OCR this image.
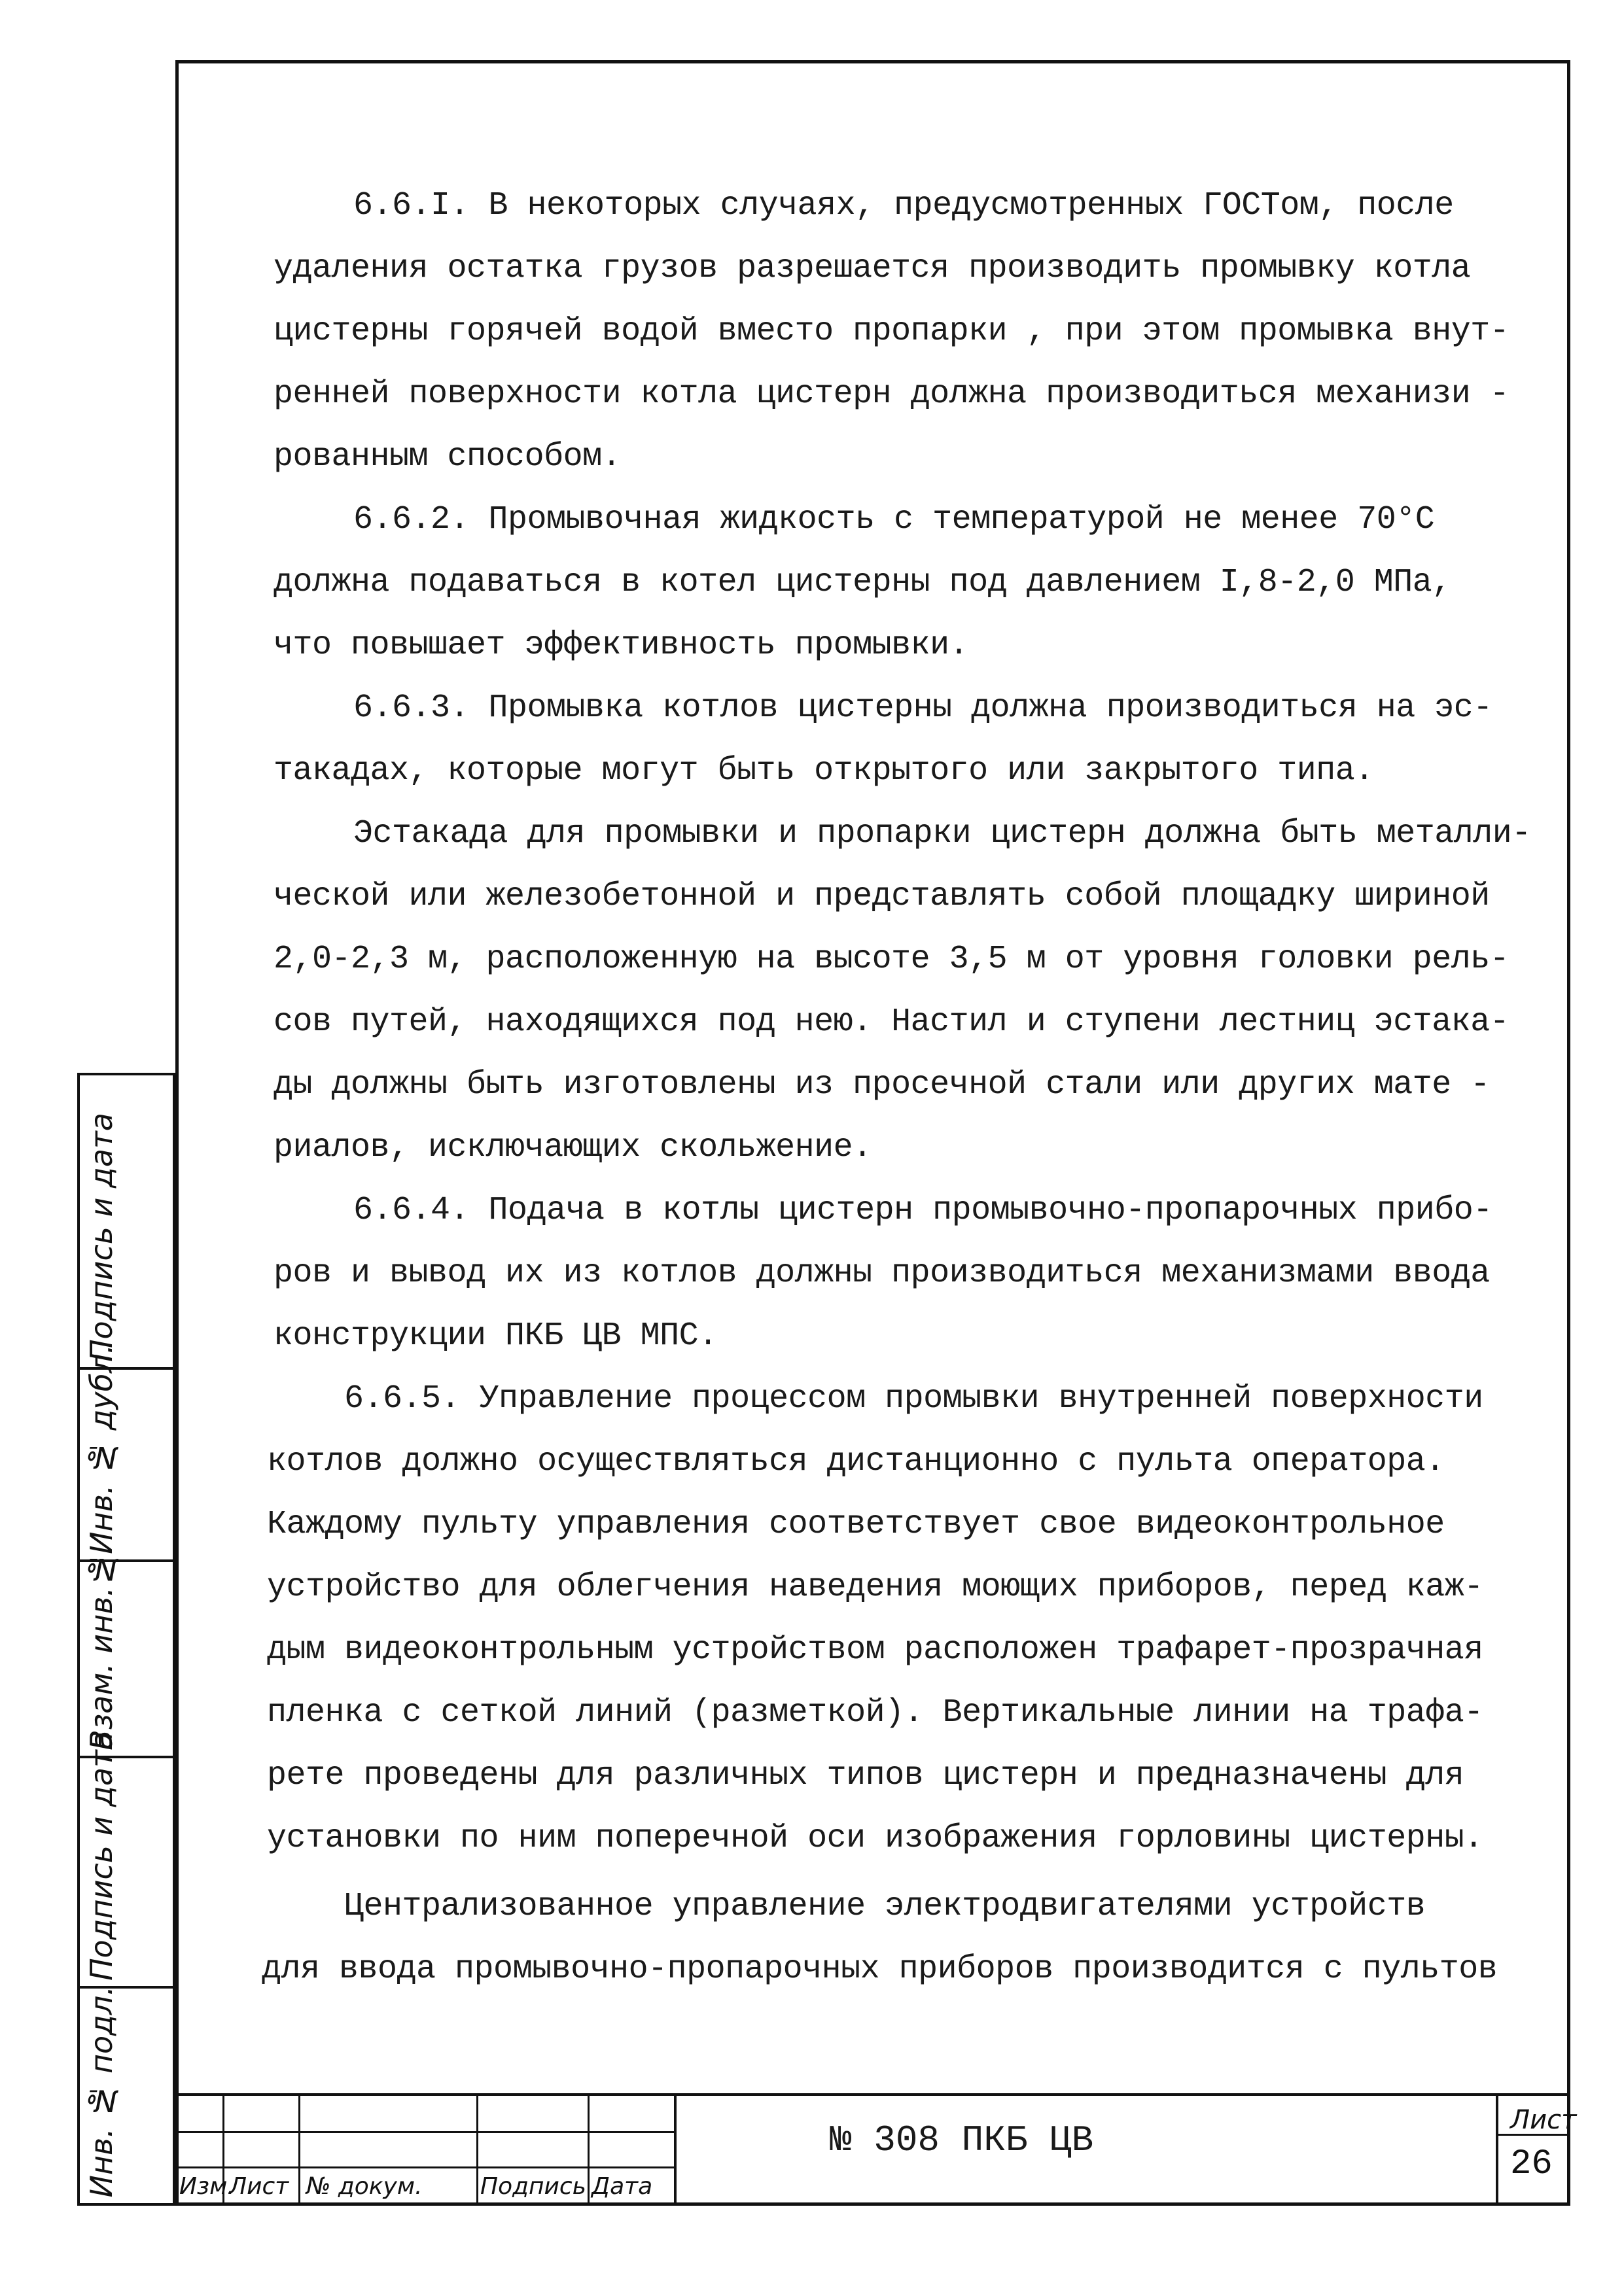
6.6.I. В некоторых случаях, предусмотренных ГОСТом, после
удаления остатка грузов разрешается производить промывку котла
цистерны горячей водой вместо пропарки , при этом промывка внут-
ренней поверхности котла цистерн должна производиться механизи -
рованным способом.
6.6.2. Промывочная жидкость с температурой не менее 70°C
должна подаваться в котел цистерны под давлением I,8-2,0 МПа,
что повышает эффективность промывки.
6.6.3. Промывка котлов цистерны должна производиться на эс-
такадах, которые могут быть открытого или закрытого типа.
Эстакада для промывки и пропарки цистерн должна быть металли-
ческой или железобетонной и представлять собой площадку шириной
2,0-2,3 м, расположенную на высоте 3,5 м от уровня головки рель-
сов путей, находящихся под нею. Настил и ступени лестниц эстака-
ды должны быть изготовлены из просечной стали или других мате -
риалов, исключающих скольжение.
6.6.4. Подача в котлы цистерн промывочно-пропарочных прибо-
ров и вывод их из котлов должны производиться механизмами ввода
конструкции ПКБ ЦВ МПС.
6.6.5. Управление процессом промывки внутренней поверхности
котлов должно осуществляться дистанционно с пульта оператора.
Каждому пульту управления соответствует свое видеоконтрольное
устройство для облегчения наведения моющих приборов, перед каж-
дым видеоконтрольным устройством расположен трафарет-прозрачная
пленка с сеткой линий (разметкой). Вертикальные линии на трафа-
рете проведены для различных типов цистерн и предназначены для
установки по ним поперечной оси изображения горловины цистерны.
Централизованное управление электродвигателями устройств
для ввода промывочно-пропарочных приборов производится с пультов
Инв. № подл.
Подпись и дата
Взам. инв.№
Инв. № дубл.
Подпись и дата
Изм.
Лист № докум. Подпись Дата
№ 308 ПКБ ЦВ	Лист
26
